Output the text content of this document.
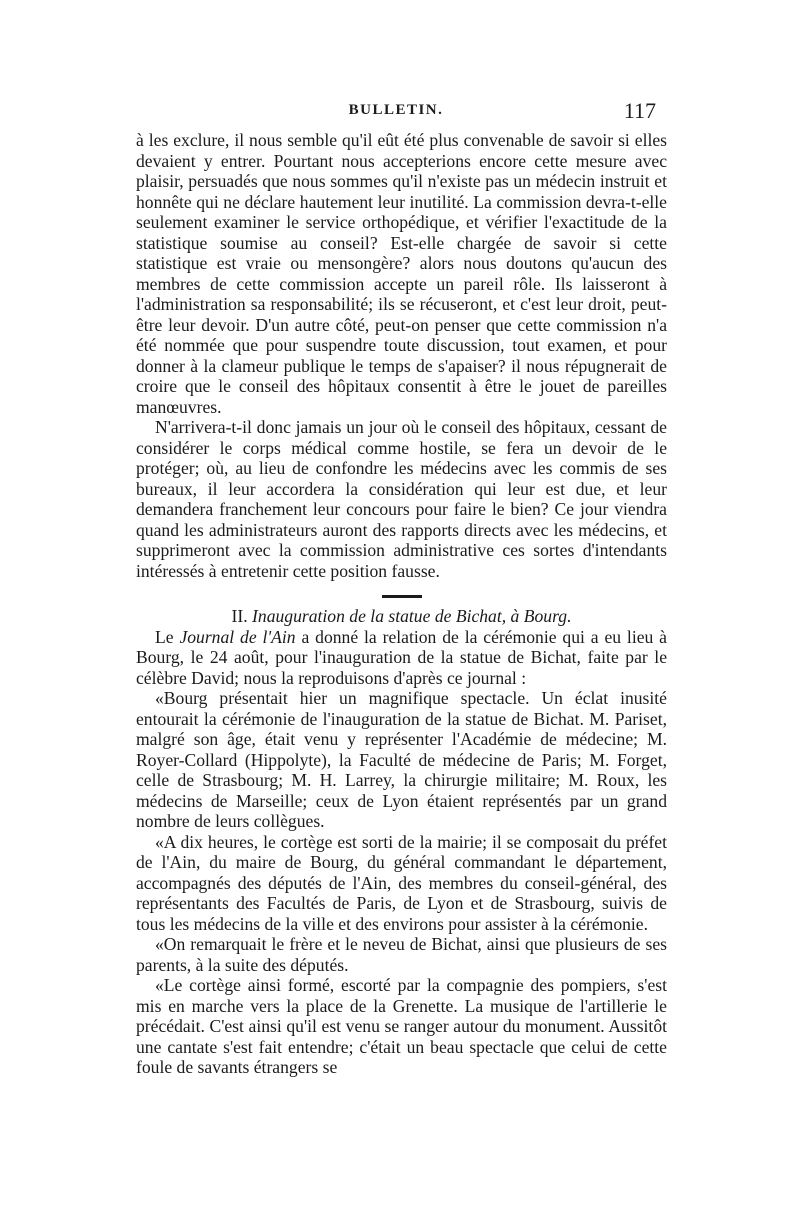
BULLETIN.	117

à les exclure, il nous semble qu'il eût été plus convenable de savoir si elles devaient y entrer. Pourtant nous accepterions encore cette mesure avec plaisir, persuadés que nous sommes qu'il n'existe pas un médecin instruit et honnête qui ne déclare hautement leur inutilité. La commission devra-t-elle seulement examiner le service orthopédique, et vérifier l'exactitude de la statistique soumise au conseil? Est-elle chargée de savoir si cette statistique est vraie ou mensongère? alors nous doutons qu'aucun des membres de cette commission accepte un pareil rôle. Ils laisseront à l'administration sa responsabilité; ils se récuseront, et c'est leur droit, peut-être leur devoir. D'un autre côté, peut-on penser que cette commission n'a été nommée que pour suspendre toute discussion, tout examen, et pour donner à la clameur publique le temps de s'apaiser? il nous répugnerait de croire que le conseil des hôpitaux consentit à être le jouet de pareilles manœuvres.

N'arrivera-t-il donc jamais un jour où le conseil des hôpitaux, cessant de considérer le corps médical comme hostile, se fera un devoir de le protéger; où, au lieu de confondre les médecins avec les commis de ses bureaux, il leur accordera la considération qui leur est due, et leur demandera franchement leur concours pour faire le bien? Ce jour viendra quand les administrateurs auront des rapports directs avec les médecins, et supprimeront avec la commission administrative ces sortes d'intendants intéressés à entretenir cette position fausse.

II. Inauguration de la statue de Bichat, à Bourg.

Le Journal de l'Ain a donné la relation de la cérémonie qui a eu lieu à Bourg, le 24 août, pour l'inauguration de la statue de Bichat, faite par le célèbre David; nous la reproduisons d'après ce journal :

«Bourg présentait hier un magnifique spectacle. Un éclat inusité entourait la cérémonie de l'inauguration de la statue de Bichat. M. Pariset, malgré son âge, était venu y représenter l'Académie de médecine; M. Royer-Collard (Hippolyte), la Faculté de médecine de Paris; M. Forget, celle de Strasbourg; M. H. Larrey, la chirurgie militaire; M. Roux, les médecins de Marseille; ceux de Lyon étaient représentés par un grand nombre de leurs collègues.

«A dix heures, le cortège est sorti de la mairie; il se composait du préfet de l'Ain, du maire de Bourg, du général commandant le département, accompagnés des députés de l'Ain, des membres du conseil-général, des représentants des Facultés de Paris, de Lyon et de Strasbourg, suivis de tous les médecins de la ville et des environs pour assister à la cérémonie.

«On remarquait le frère et le neveu de Bichat, ainsi que plusieurs de ses parents, à la suite des députés.

«Le cortège ainsi formé, escorté par la compagnie des pompiers, s'est mis en marche vers la place de la Grenette. La musique de l'artillerie le précédait. C'est ainsi qu'il est venu se ranger autour du monument. Aussitôt une cantate s'est fait entendre; c'était un beau spectacle que celui de cette foule de savants étrangers se
